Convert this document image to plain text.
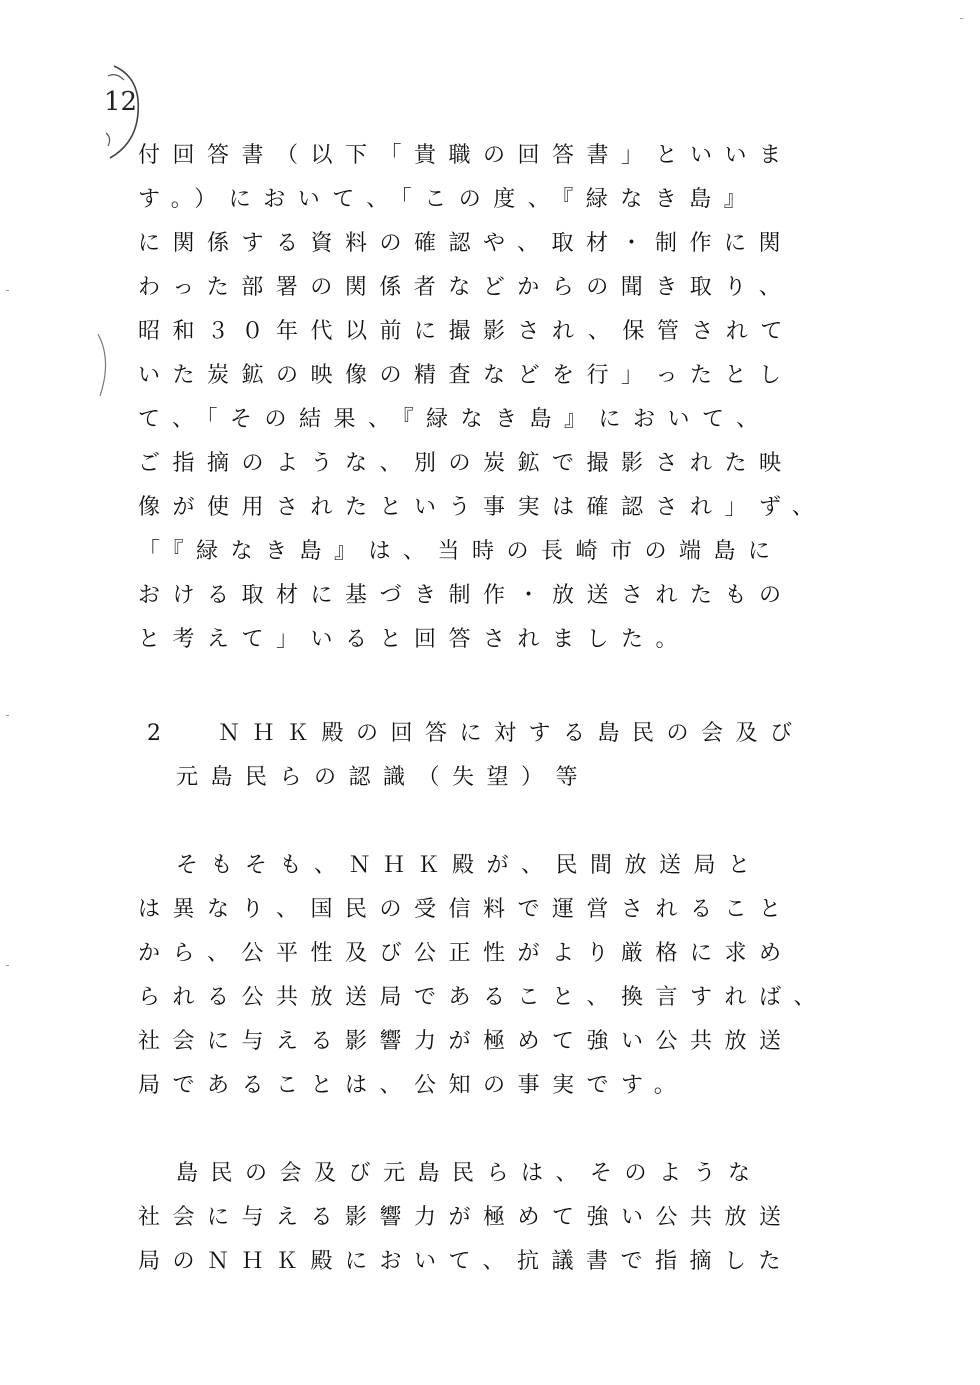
12
付回答書（以下「貴職の回答書」といいま
す。）において、「この度、『緑なき島』
に関係する資料の確認や、取材・制作に関
わった部署の関係者などからの聞き取り、
昭和３０年代以前に撮影され、保管されて
いた炭鉱の映像の精査などを行」ったとし
て、「その結果、『緑なき島』において、
ご指摘のような、別の炭鉱で撮影された映
像が使用されたという事実は確認され」ず、
「『緑なき島』は、当時の長崎市の端島に
おける取材に基づき制作・放送されたもの
と考えて」いると回答されました。
2	ＮＨＫ殿の回答に対する島民の会及び
元島民らの認識（失望）等
そもそも、ＮＨＫ殿が、民間放送局と
は異なり、国民の受信料で運営されること
から、公平性及び公正性がより厳格に求め
られる公共放送局であること、換言すれば、
社会に与える影響力が極めて強い公共放送
局であることは、公知の事実です。
島民の会及び元島民らは、そのような
社会に与える影響力が極めて強い公共放送
局のＮＨＫ殿において、抗議書で指摘した
